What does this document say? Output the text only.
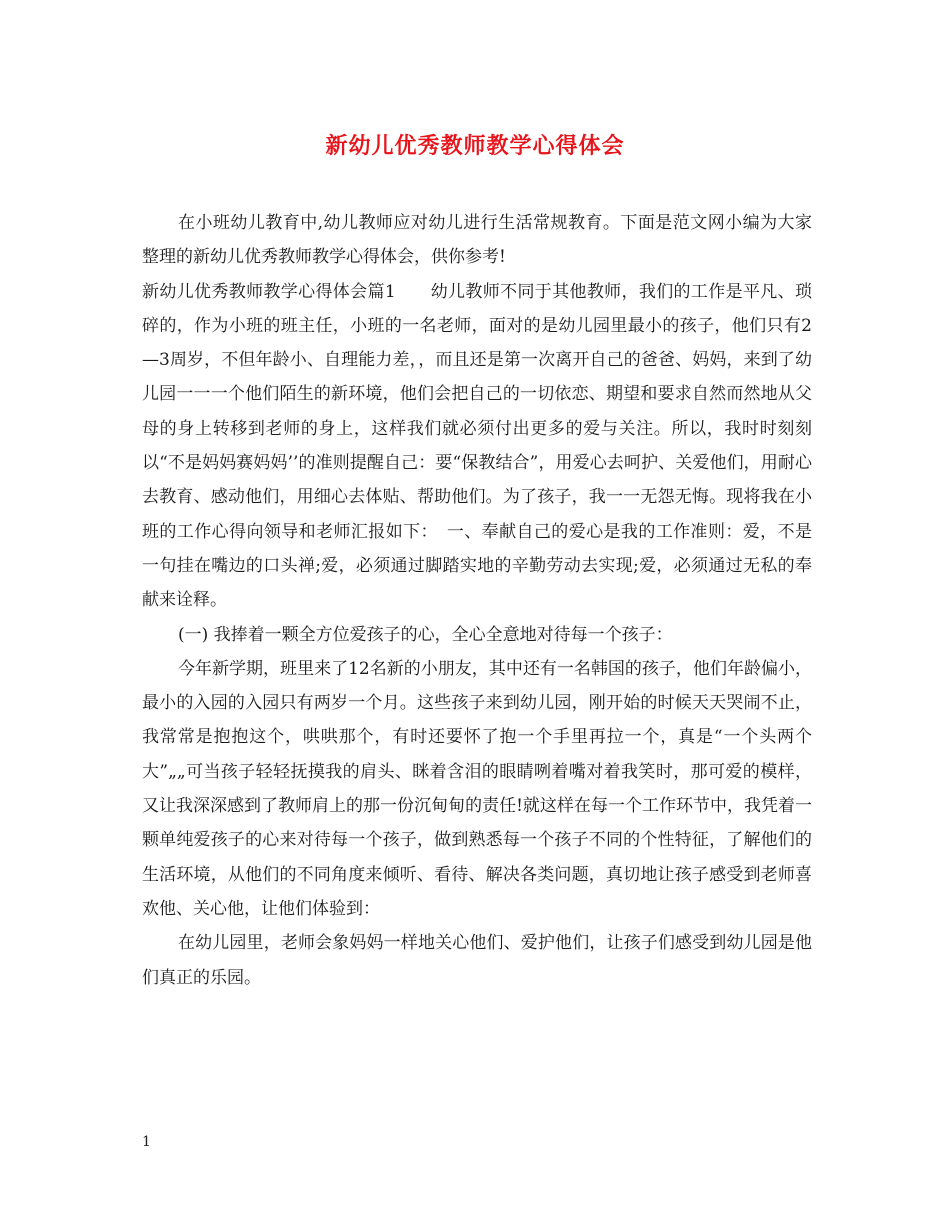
新幼儿优秀教师教学心得体会

在小班幼儿教育中,幼儿教师应对幼儿进行生活常规教育。下面是范文网小编为大家整理的新幼儿优秀教师教学心得体会，供你参考!

新幼儿优秀教师教学心得体会篇1　　幼儿教师不同于其他教师，我们的工作是平凡、琐碎的，作为小班的班主任，小班的一名老师，面对的是幼儿园里最小的孩子，他们只有2—3周岁，不但年龄小、自理能力差，，而且还是第一次离开自己的爸爸、妈妈，来到了幼儿园一一一个他们陌生的新环境，他们会把自己的一切依恋、期望和要求自然而然地从父母的身上转移到老师的身上，这样我们就必须付出更多的爱与关注。所以，我时时刻刻以“不是妈妈赛妈妈’’的准则提醒自己：要“保教结合”，用爱心去呵护、关爱他们，用耐心去教育、感动他们，用细心去体贴、帮助他们。为了孩子，我一一无怨无悔。现将我在小班的工作心得向领导和老师汇报如下：　一、奉献自己的爱心是我的工作准则：爱，不是一句挂在嘴边的口头禅;爱，必须通过脚踏实地的辛勤劳动去实现;爱，必须通过无私的奉献来诠释。

(一) 我捧着一颗全方位爱孩子的心，全心全意地对待每一个孩子：

今年新学期，班里来了12名新的小朋友，其中还有一名韩国的孩子，他们年龄偏小，最小的入园的入园只有两岁一个月。这些孩子来到幼儿园，刚开始的时候天天哭闹不止，我常常是抱抱这个，哄哄那个，有时还要怀了抱一个手里再拉一个，真是“一个头两个大”„„可当孩子轻轻抚摸我的肩头、眯着含泪的眼睛咧着嘴对着我笑时，那可爱的模样，又让我深深感到了教师肩上的那一份沉甸甸的责任!就这样在每一个工作环节中，我凭着一颗单纯爱孩子的心来对待每一个孩子，做到熟悉每一个孩子不同的个性特征，了解他们的生活环境，从他们的不同角度来倾听、看待、解决各类问题，真切地让孩子感受到老师喜欢他、关心他，让他们体验到：

在幼儿园里，老师会象妈妈一样地关心他们、爱护他们，让孩子们感受到幼儿园是他们真正的乐园。

1
